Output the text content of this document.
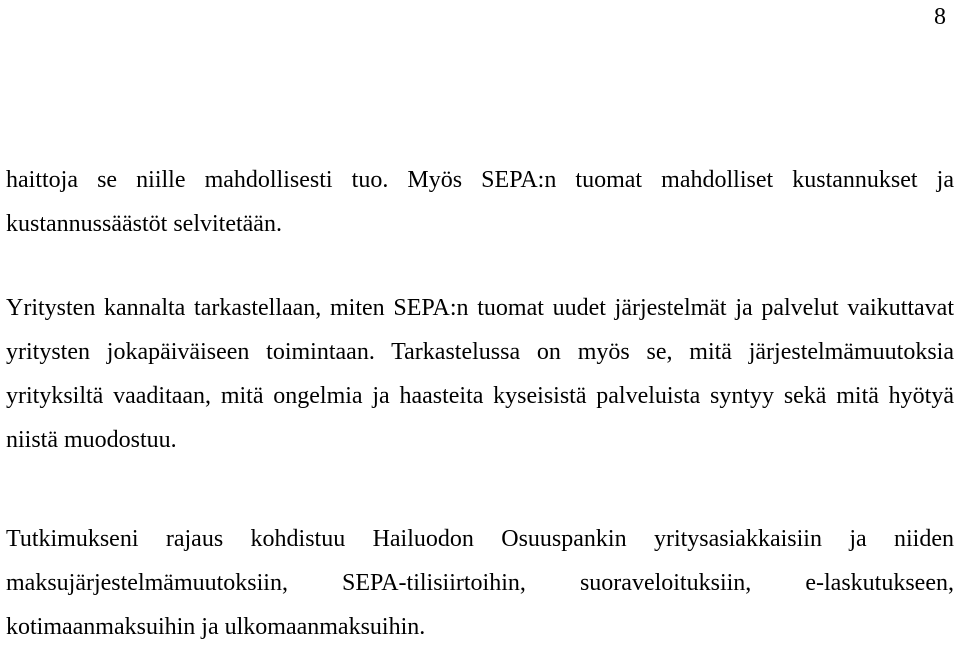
8

haittoja se niille mahdollisesti tuo. Myös SEPA:n tuomat mahdolliset kustannukset ja kustannussäästöt selvitetään.

Yritysten kannalta tarkastellaan, miten SEPA:n tuomat uudet järjestelmät ja palvelut vaikuttavat yritysten jokapäiväiseen toimintaan. Tarkastelussa on myös se, mitä järjestelmämuutoksia yrityksiltä vaaditaan, mitä ongelmia ja haasteita kyseisistä palveluista syntyy sekä mitä hyötyä niistä muodostuu.

Tutkimukseni rajaus kohdistuu Hailuodon Osuuspankin yritysasiakkaisiin ja niiden maksujärjestelmämuutoksiin, SEPA-tilisiirtoihin, suoraveloituksiin, e-laskutukseen, kotimaanmaksuihin ja ulkomaanmaksuihin.
